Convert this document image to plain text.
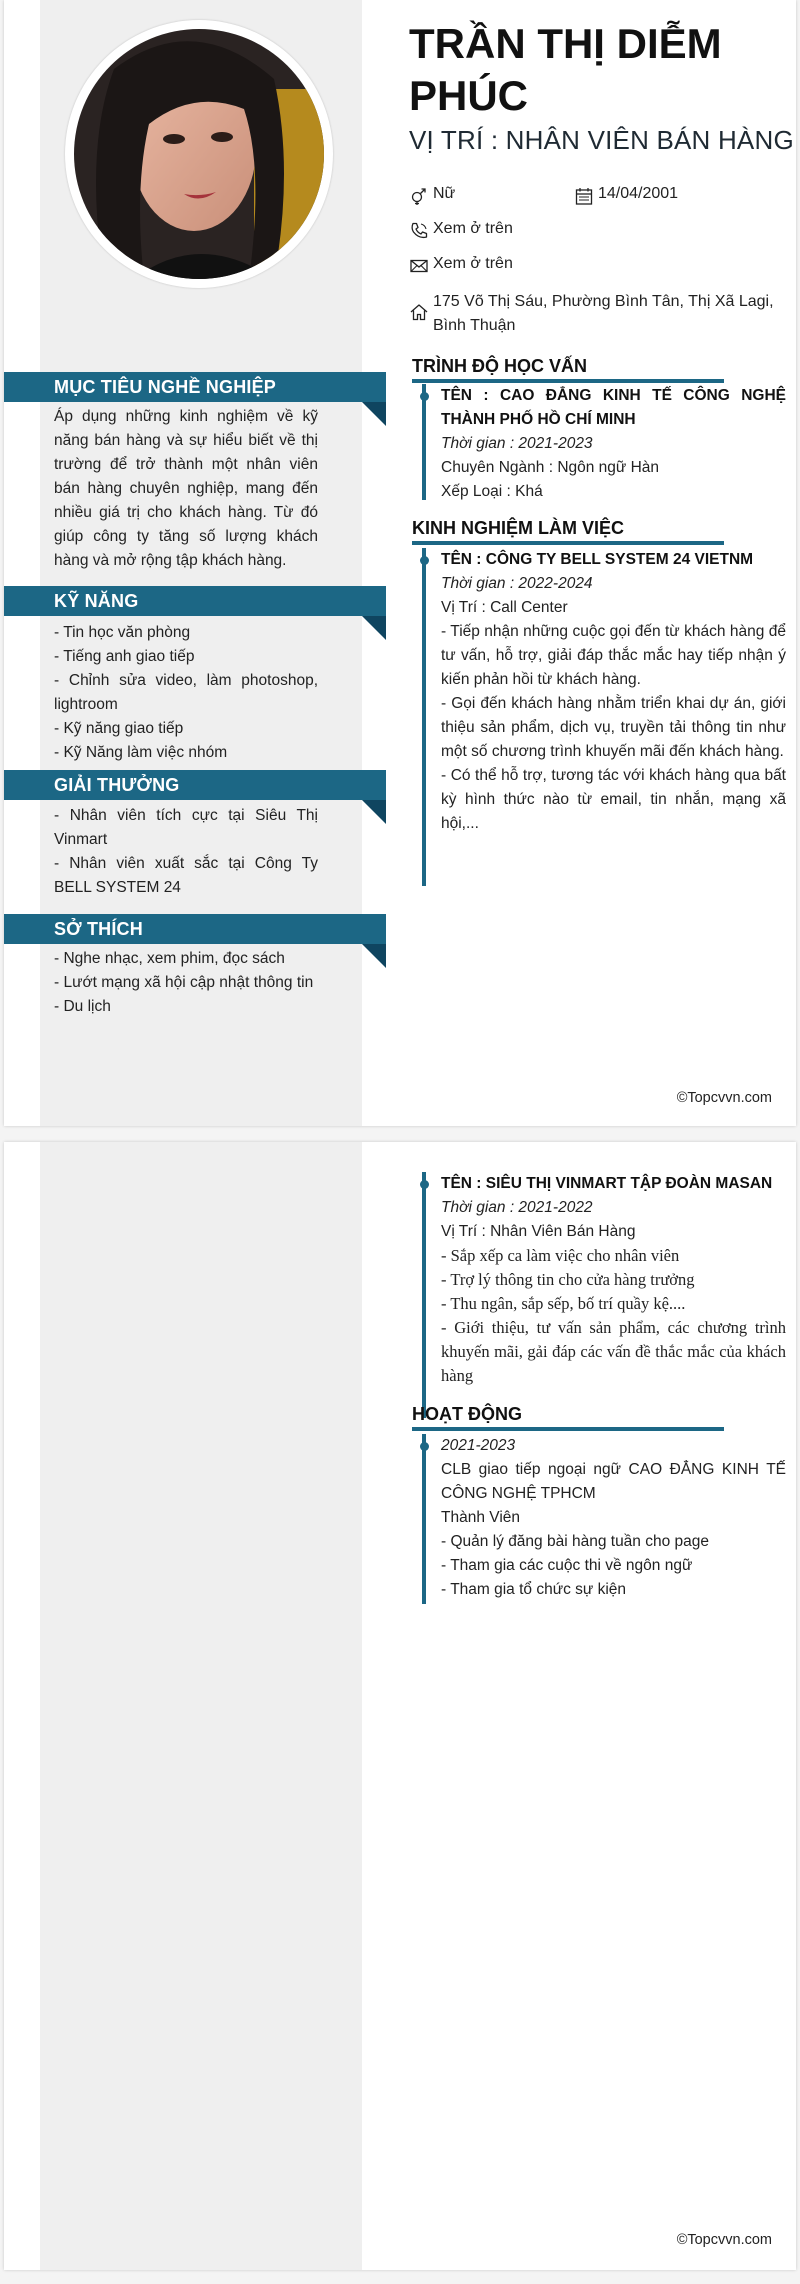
TRẦN THỊ DIỄM PHÚC
VỊ TRÍ : NHÂN VIÊN BÁN HÀNG
Nữ	14/04/2001
Xem ở trên
Xem ở trên
175 Võ Thị Sáu, Phường Bình Tân, Thị Xã Lagi, Bình Thuận
MỤC TIÊU NGHỀ NGHIỆP

Áp dụng những kinh nghiệm về kỹ năng bán hàng và sự hiểu biết về thị trường để trở thành một nhân viên bán hàng chuyên nghiệp, mang đến nhiều giá trị cho khách hàng. Từ đó giúp công ty tăng số lượng khách hàng và mở rộng tập khách hàng.

KỸ NĂNG

- Tin học văn phòng

- Tiếng anh giao tiếp

- Chỉnh sửa video, làm photoshop, lightroom

- Kỹ năng giao tiếp

- Kỹ Năng làm việc nhóm

GIẢI THƯỞNG

- Nhân viên tích cực tại Siêu Thị Vinmart

- Nhân viên xuất sắc tại Công Ty BELL SYSTEM 24

SỞ THÍCH

- Nghe nhạc, xem phim, đọc sách

- Lướt mạng xã hội cập nhật thông tin

- Du lịch

TRÌNH ĐỘ HỌC VẤN

TÊN : CAO ĐẲNG KINH TẾ CÔNG NGHỆ THÀNH PHỐ HỒ CHÍ MINH

Thời gian : 2021-2023

Chuyên Ngành : Ngôn ngữ Hàn

Xếp Loại : Khá

KINH NGHIỆM LÀM VIỆC

TÊN : CÔNG TY BELL SYSTEM 24 VIETNM

Thời gian : 2022-2024

Vị Trí : Call Center

- Tiếp nhận những cuộc gọi đến từ khách hàng để tư vấn, hỗ trợ, giải đáp thắc mắc hay tiếp nhận ý kiến phản hồi từ khách hàng.

- Gọi đến khách hàng nhằm triển khai dự án, giới thiệu sản phẩm, dịch vụ, truyền tải thông tin như một số chương trình khuyến mãi đến khách hàng.

- Có thể hỗ trợ, tương tác với khách hàng qua bất kỳ hình thức nào từ email, tin nhắn, mạng xã hội,...

©Topcvvn.com

TÊN : SIÊU THỊ VINMART TẬP ĐOÀN MASAN

Thời gian : 2021-2022

Vị Trí : Nhân Viên Bán Hàng

- Sắp xếp ca làm việc cho nhân viên

- Trợ lý thông tin cho cửa hàng trưởng

- Thu ngân, sắp sếp, bố trí quầy kệ....

- Giới thiệu, tư vấn sản phẩm, các chương trình khuyến mãi, gải đáp các vấn đề thắc mắc của khách hàng

HOẠT ĐỘNG

2021-2023

CLB giao tiếp ngoại ngữ CAO ĐẲNG KINH TẾ CÔNG NGHỆ TPHCM

Thành Viên

- Quản lý đăng bài hàng tuần cho page

- Tham gia các cuộc thi về ngôn ngữ

- Tham gia tổ chức sự kiện

©Topcvvn.com
